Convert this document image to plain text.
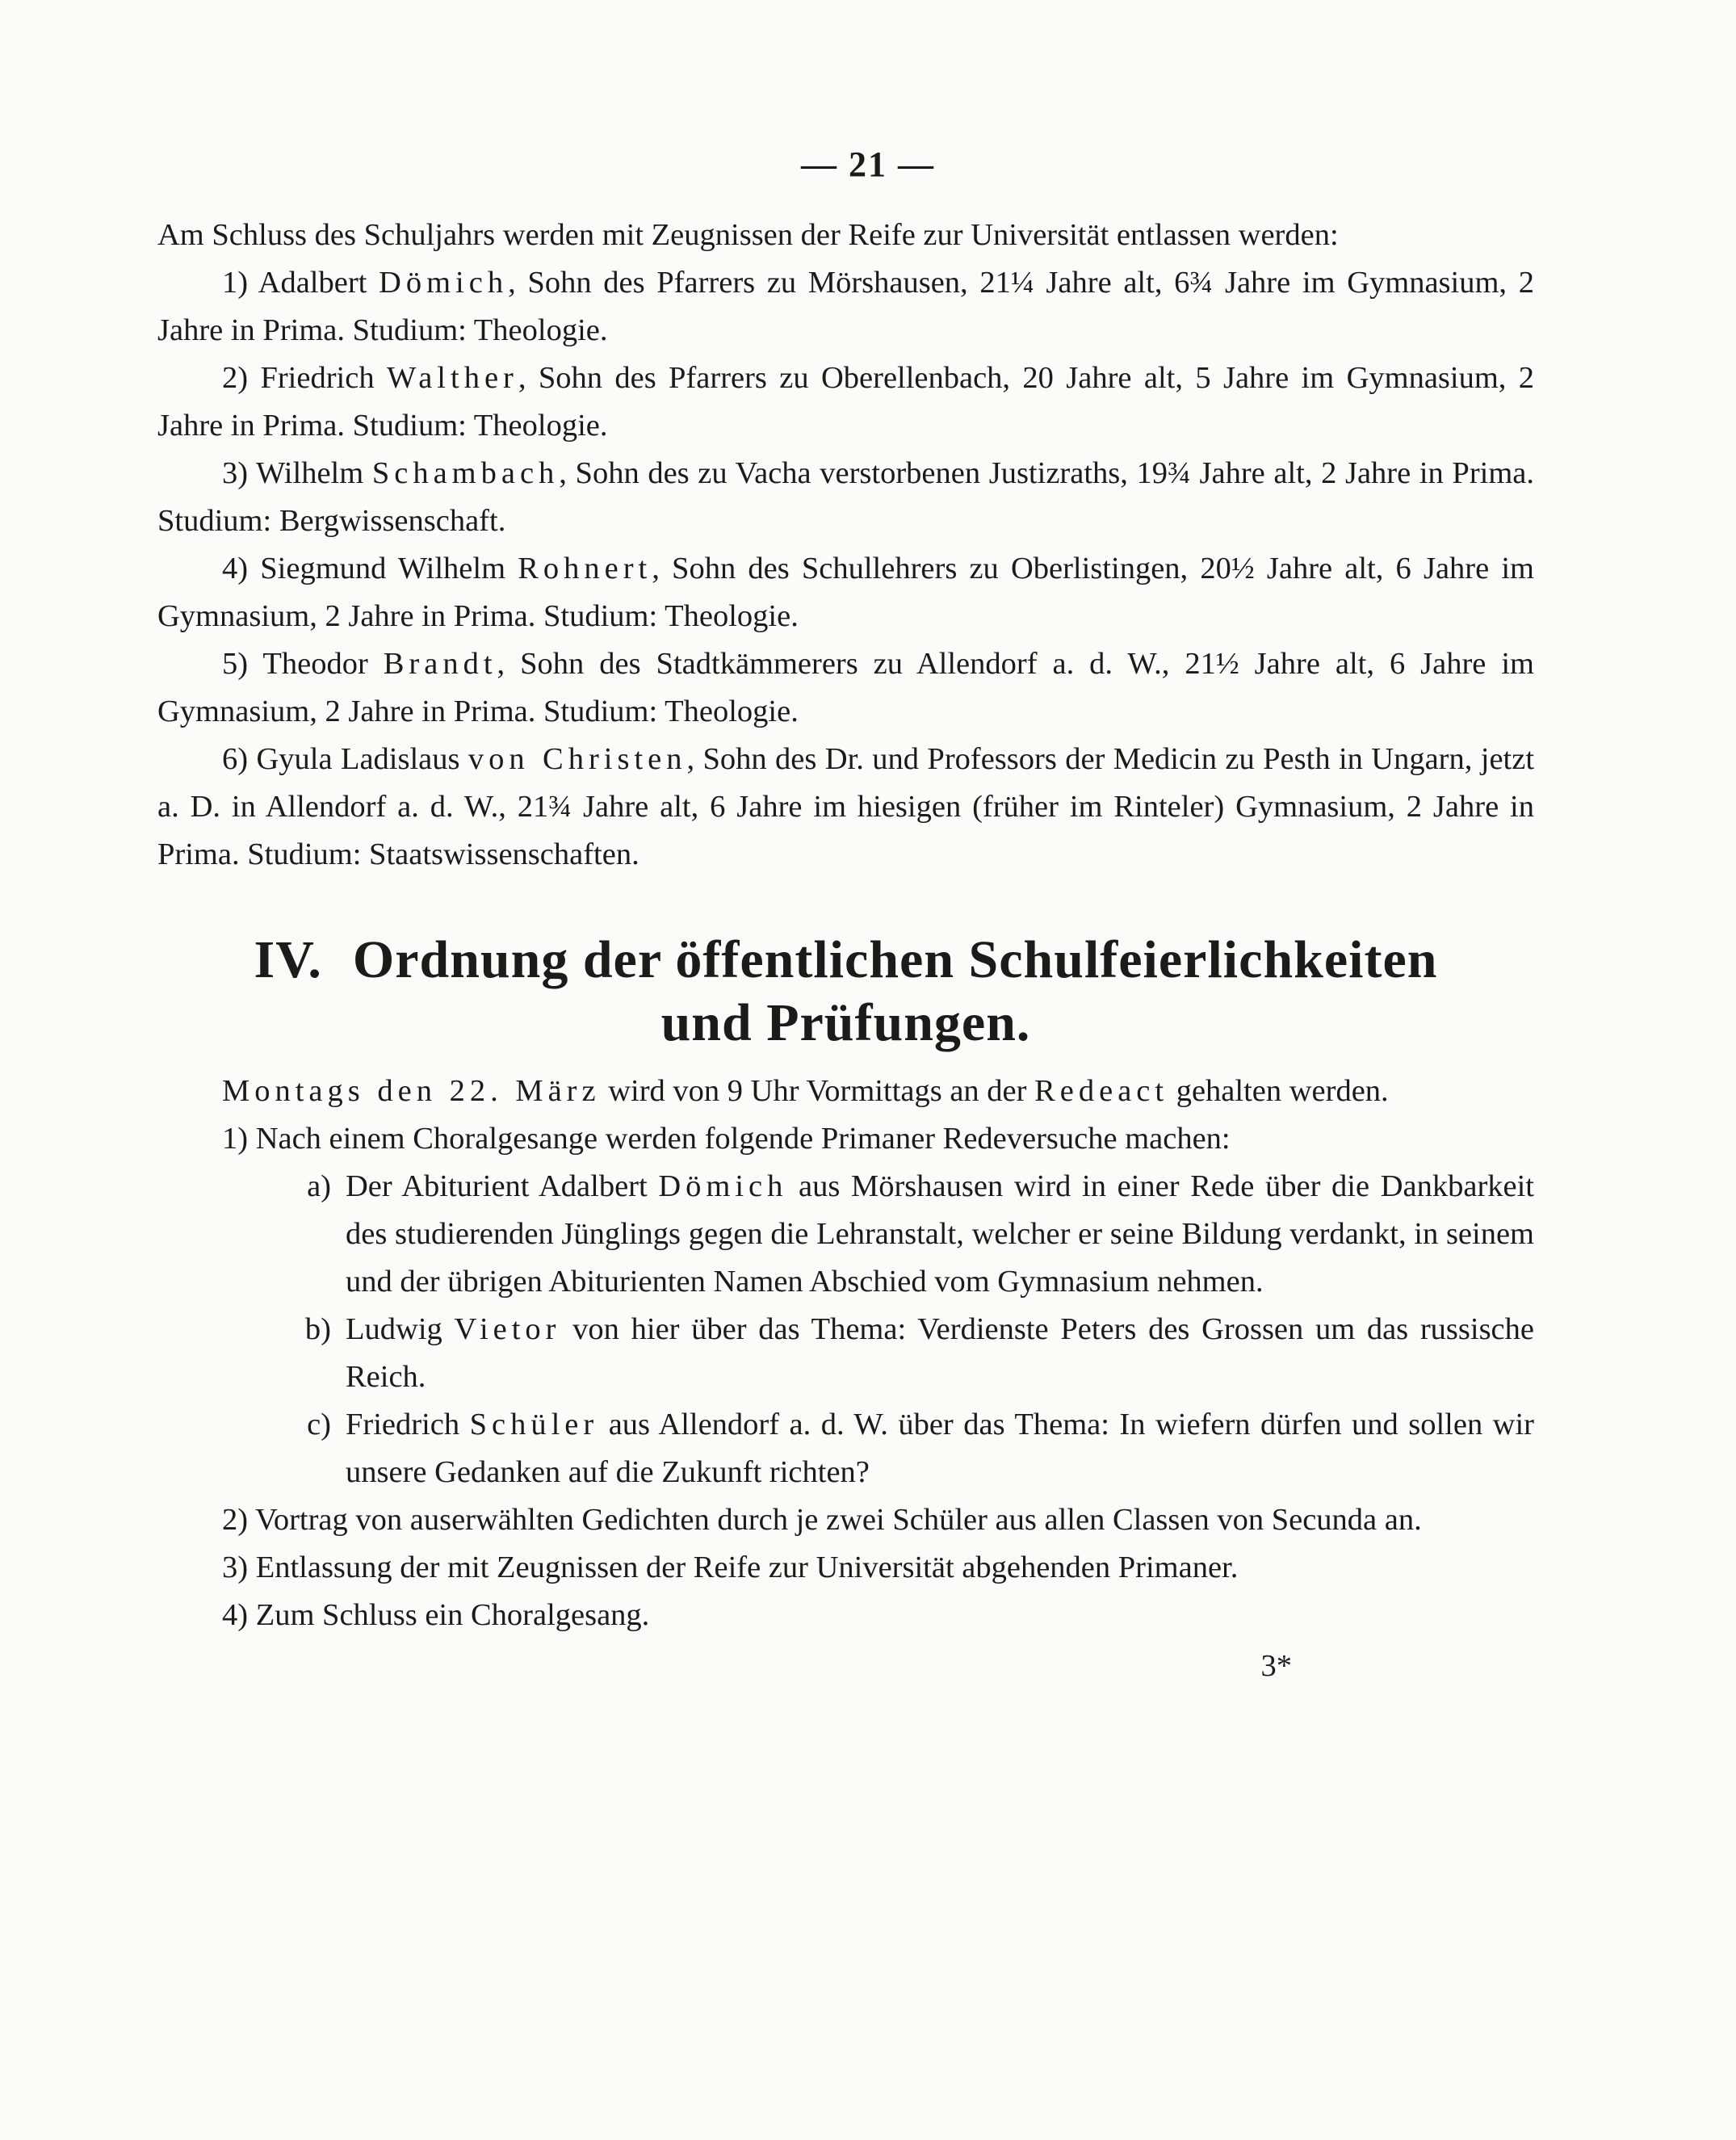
— 21 —

Am Schluss des Schuljahrs werden mit Zeugnissen der Reife zur Universität entlassen werden:

1) Adalbert Dömich, Sohn des Pfarrers zu Mörshausen, 21¼ Jahre alt, 6¾ Jahre im Gymnasium, 2 Jahre in Prima. Studium: Theologie.

2) Friedrich Walther, Sohn des Pfarrers zu Oberellenbach, 20 Jahre alt, 5 Jahre im Gymnasium, 2 Jahre in Prima. Studium: Theologie.

3) Wilhelm Schambach, Sohn des zu Vacha verstorbenen Justizraths, 19¾ Jahre alt, 2 Jahre in Prima. Studium: Bergwissenschaft.

4) Siegmund Wilhelm Rohnert, Sohn des Schullehrers zu Oberlistingen, 20½ Jahre alt, 6 Jahre im Gymnasium, 2 Jahre in Prima. Studium: Theologie.

5) Theodor Brandt, Sohn des Stadtkämmerers zu Allendorf a. d. W., 21½ Jahre alt, 6 Jahre im Gymnasium, 2 Jahre in Prima. Studium: Theologie.

6) Gyula Ladislaus von Christen, Sohn des Dr. und Professors der Medicin zu Pesth in Ungarn, jetzt a. D. in Allendorf a. d. W., 21¾ Jahre alt, 6 Jahre im hiesigen (früher im Rinteler) Gymnasium, 2 Jahre in Prima. Studium: Staatswissenschaften.

IV. Ordnung der öffentlichen Schulfeierlichkeiten
und Prüfungen.

Montags den 22. März wird von 9 Uhr Vormittags an der Redeact gehalten werden.

1) Nach einem Choralgesange werden folgende Primaner Redeversuche machen:

a) Der Abiturient Adalbert Dömich aus Mörshausen wird in einer Rede über die Dankbarkeit des studierenden Jünglings gegen die Lehranstalt, welcher er seine Bildung verdankt, in seinem und der übrigen Abiturienten Namen Abschied vom Gymnasium nehmen.
b) Ludwig Vietor von hier über das Thema: Verdienste Peters des Grossen um das russische Reich.
c) Friedrich Schüler aus Allendorf a. d. W. über das Thema: In wiefern dürfen und sollen wir unsere Gedanken auf die Zukunft richten?

2) Vortrag von auserwählten Gedichten durch je zwei Schüler aus allen Classen von Secunda an.

3) Entlassung der mit Zeugnissen der Reife zur Universität abgehenden Primaner.

4) Zum Schluss ein Choralgesang.

3*
